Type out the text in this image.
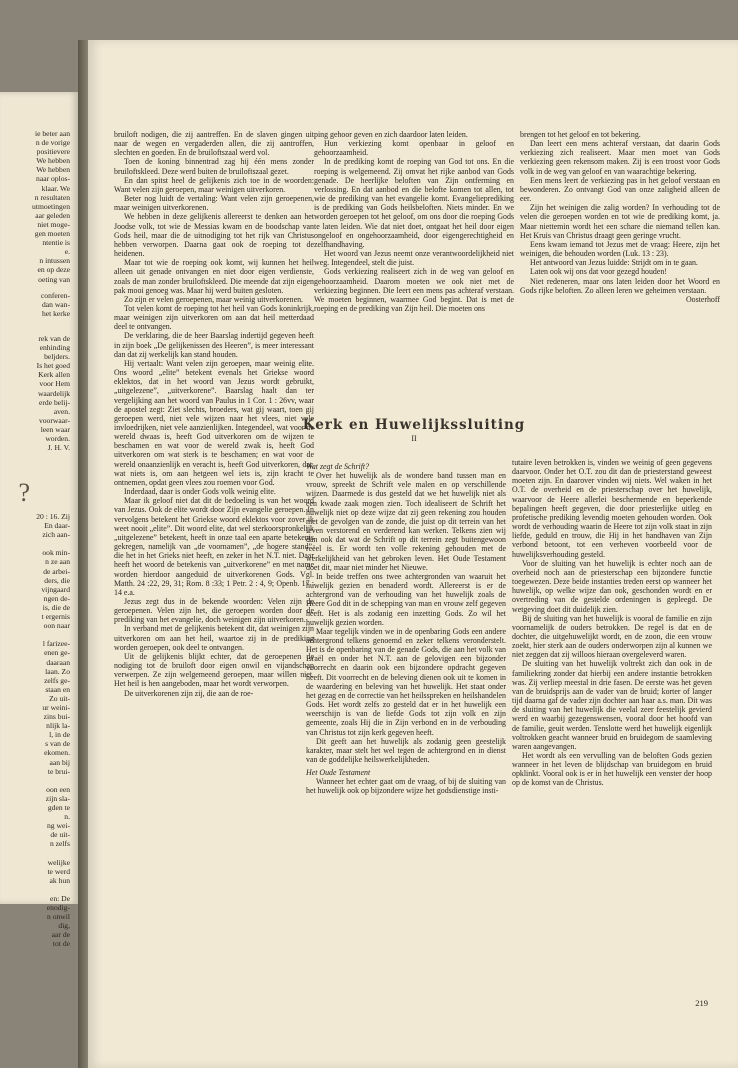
ie beter aan
n de vorige
positievere
We hebben
We hebben
naar oplos-
klaar. We
n resultaten
utmoetingen
aar geleden
niet moge-
gen moeten
ntentie is
e.
n intussen
en op deze
oeting van
conferen-
dan wan-
het kerke
rek van de
enhinding
beljders.
Is het goed
Kerk allen
voor Hem
waardelijk
erde belij-
aven.
voorwaar-
leen waar
worden.
J. H. V.
?
20 : 16. Zij
En daar-
zich aan-

ook min-
n ze aan
de arbei-
ders, die
vijngaard
ngen de-
is, die de
t ergernis
oon naar

l farizee-
enen ge-
daaraan
laan. Zo
zelfs ge-
staan en
Zo uit-
ur weini-
zins bui-
nlijk la-
l, in de
s van de
ekomen.
aan bij
te brui-

oon een
zijn sla-
gden te
n.
ng wei-
de uit-
n zelfs

welijke
te werd
ak hun

en: De
enodig-
n onwil
dig,
aar de
tot de

bruiloft nodigen, die zij aantreffen. En de slaven gingen uit naar de wegen en vergaderden allen, die zij aantroffen, slechten en goeden. En de bruiloftszaal werd vol.

Toen de koning binnentrad zag hij één mens zonder bruiloftskleed. Deze werd buiten de bruiloftszaal gezet.

En dan spitst heel de gelijkenis zich toe in de woorden: Want velen zijn geroepen, maar weinigen uitverkoren.

Beter nog luidt de vertaling: Want velen zijn geroepenen, maar weinigen uitverkorenen.

We hebben in deze gelijkenis allereerst te denken aan het Joodse volk, tot wie de Messias kwam en de boodschap van Gods heil, maar die de uitnodiging tot het rijk van Christus hebben verworpen. Daarna gaat ook de roeping tot de heidenen.

Maar tot wie de roeping ook komt, wij kunnen het heil alleen uit genade ontvangen en niet door eigen verdienste, zoals de man zonder bruiloftskleed. Die meende dat zijn eigen pak mooi genoeg was. Maar hij werd buiten gesloten.

Zo zijn er velen geroepenen, maar weinig uitverkorenen.

Tot velen komt de roeping tot het heil van Gods koninkrijk, maar weinigen zijn uitverkoren om aan dat heil metterdaad deel te ontvangen.

De verklaring, die de heer Baarslag indertijd gegeven heeft in zijn boek „De gelijkenissen des Heeren”, is meer interessant dan dat zij werkelijk kan stand houden.

Hij vertaalt: Want velen zijn geroepen, maar weinig elite. Ons woord „elite” betekent evenals het Griekse woord eklektos, dat in het woord van Jezus wordt gebruikt, „uitgelezene”, „uitverkorene”. Baarslag haalt dan ter vergelijking aan het woord van Paulus in 1 Cor. 1 : 26vv, waar de apostel zegt: Ziet slechts, broeders, wat gij waart, toen gij geroepen werd, niet vele wijzen naar het vlees, niet vele invloedrijken, niet vele aanzienlijken. Integendeel, wat voor de wereld dwaas is, heeft God uitverkoren om de wijzen te beschamen en wat voor de wereld zwak is, heeft God uitverkoren om wat sterk is te beschamen; en wat voor de wereld onaanzienlijk en veracht is, heeft God uitverkoren, dat, wat niets is, om aan hetgeen wel iets is, zijn kracht te ontnemen, opdat geen vlees zou roemen voor God.

Inderdaad, daar is onder Gods volk weinig elite.

Maar ik geloof niet dat dit de bedoeling is van het woord van Jezus. Ook de elite wordt door Zijn evangelie geroepen. In vervolgens betekent het Griekse woord eklektos voor zover ik weet nooit „elite”. Dit woord elite, dat wel sterkoorspronkelijk „uitgelezene” betekent, heeft in onze taal een aparte betekenis gekregen, namelijk van „de voornamen”, „de hogere stand”, die het in het Grieks niet heeft, en zeker in het N.T. niet. Daar heeft het woord de betekenis van „uitverkorene” en met name worden hierdoor aangeduid de uitverkorenen Gods. Vgl. Matth. 24 :22, 29, 31; Rom. 8 :33; 1 Petr. 2 : 4, 9; Openb. 17 : 14 e.a.

Jezus zegt dus in de bekende woorden: Velen zijn de geroepenen. Velen zijn het, die geroepen worden door de prediking van het evangelie, doch weinigen zijn uitverkoren.

In verband met de gelijkenis betekent dit, dat weinigen zijn uitverkoren om aan het heil, waartoe zij in de prediking worden geroepen, ook deel te ontvangen.

Uit de gelijkenis blijkt echter, dat de geroepenen de nodiging tot de bruiloft door eigen onwil en vijandschap verwerpen. Ze zijn welgemeend geroepen, maar willen niet. Het heil is hen aangeboden, maar het wordt verworpen.

De uitverkorenen zijn zij, die aan de roe-

ping gehoor geven en zich daardoor laten leiden.

Hun verkiezing komt openbaar in geloof en gehoorzaamheid.

In de prediking komt de roeping van God tot ons. En die roeping is welgemeend. Zij omvat het rijke aanbod van Gods genade. De heerlijke beloften van Zijn ontferming en verlossing. En dat aanbod en die belofte komen tot allen, tot wie de prediking van het evangelie komt. Evangelieprediking is de prediking van Gods heilsbeloften. Niets minder. En we worden geroepen tot het geloof, om ons door die roeping Gods te laten leiden. Wie dat niet doet, ontgaat het heil door eigen ongeloof en ongehoorzaamheid, door eigengerechtigheid en zelfhandhaving.

Het woord van Jezus neemt onze verantwoordelijkheid niet weg. Integendeel, stelt die juist.

Gods verkiezing realiseert zich in de weg van geloof en gehoorzaamheid. Daarom moeten we ook niet met de verkiezing beginnen. Die leert een mens pas achteraf verstaan. We moeten beginnen, waarmee God begint. Dat is met de roeping en de prediking van Zijn heil. Die moeten ons

brengen tot het geloof en tot bekering.

Dan leert een mens achteraf verstaan, dat daarin Gods verkiezing zich realiseert. Maar men moet van Gods verkiezing geen rekensom maken. Zij is een troost voor Gods volk in de weg van geloof en van waarachtige bekering.

Een mens leert de verkiezing pas in het geloof verstaan en bewonderen. Zo ontvangt God van onze zaligheid alleen de eer.

Zijn het weinigen die zalig worden? In verhouding tot de velen die geroepen worden en tot wie de prediking komt, ja. Maar niettemin wordt het een schare die niemand tellen kan. Het Kruis van Christus draagt geen geringe vrucht.

Eens kwam iemand tot Jezus met de vraag: Heere, zijn het weinigen, die behouden worden (Luk. 13 : 23).

Het antwoord van Jezus luidde: Strijdt om in te gaan.

Laten ook wij ons dat voor gezegd houden!

Niet redeneren, maar ons laten leiden door het Woord en Gods rijke beloften. Zo alleen leren we geheimen verstaan.

Oosterhoff

Kerk en Huwelijkssluiting
II

Wat zegt de Schrift?

Over het huwelijk als de wondere band tussen man en vrouw, spreekt de Schrift vele malen en op verschillende wijzen. Daarmede is dus gesteld dat we het huwelijk niet als een kwade zaak mogen zien. Toch idealiseert de Schrift het huwelijk niet op deze wijze dat zij geen rekening zou houden met de gevolgen van de zonde, die juist op dit terrein van het leven verstorend en verderend kan werken. Telkens zien wij dan ook dat wat de Schrift op dit terrein zegt buitengewoon reëel is. Er wordt ten volle rekening gehouden met de werkelijkheid van het gebroken leven. Het Oude Testament doet dit, maar niet minder het Nieuwe.

In beide treffen ons twee achtergronden van waaruit het huwelijk gezien en benaderd wordt. Allereerst is er de achtergrond van de verhouding van het huwelijk zoals de Heere God dit in de schepping van man en vrouw zelf gegeven heeft. Het is als zodanig een inzetting Gods. Zo wil het huwelijk gezien worden.

Maar tegelijk vinden we in de openbaring Gods een andere achtergrond telkens genoemd en zeker telkens veronderstelt. Het is de openbaring van de genade Gods, die aan het volk van Israël en onder het N.T. aan de gelovigen een bijzonder voorrecht en daarin ook een bijzondere opdracht gegeven heeft. Dit voorrecht en de beleving dienen ook uit te komen in de waardering en beleving van het huwelijk. Het staat onder het gezag en de correctie van het heilsspreken en heilshandelen Gods. Het wordt zelfs zo gesteld dat er in het huwelijk een weerschijn is van de liefde Gods tot zijn volk en zijn gemeente, zoals Hij die in Zijn verbond en in de verbouding van Christus tot zijn kerk gegeven heeft.

Dit geeft aan het huwelijk als zodanig geen geestelijk karakter, maar stelt het wel tegen de achtergrond en in dienst van de goddelijke heilswerkelijkheden.

Het Oude Testament

Wanneer het echter gaat om de vraag, of bij de sluiting van het huwelijk ook op bijzondere wijze het godsdienstige insti-

tutaire leven betrokken is, vinden we weinig of geen gegevens daarvoor. Onder het O.T. zou dit dan de priesterstand geweest moeten zijn. En daarover vinden wij niets. Wel waken in het O.T. de overheid en de priesterschap over het huwelijk, waarvoor de Heere allerlei beschermende en beperkende bepalingen heeft gegeven, die door priesterlijke uitleg en profetische prediking levendig moeten gehouden worden. Ook wordt de verhouding waarin de Heere tot zijn volk staat in zijn liefde, geduld en trouw, die Hij in het handhaven van Zijn verbond betoont, tot een verheven voorbeeld voor de huwelijksverhouding gesteld.

Voor de sluiting van het huwelijk is echter noch aan de overheid noch aan de priesterschap een bijzondere functie toegewezen. Deze beide instanties treden eerst op wanneer het huwelijk, op welke wijze dan ook, geschonden wordt en er overtreding van de gestelde ordeningen is gepleegd. De wetgeving doet dit duidelijk zien.

Bij de sluiting van het huwelijk is vooral de familie en zijn voornamelijk de ouders betrokken. De regel is dat en de dochter, die uitgehuwelijkt wordt, en de zoon, die een vrouw zoekt, hier sterk aan de ouders onderworpen zijn al kunnen we niet zeggen dat zij willoos hieraan overgeleverd waren.

De sluiting van het huwelijk voltrekt zich dan ook in de familiekring zonder dat hierbij een andere instantie betrokken was. Zij verliep meestal in drie fasen. De eerste was het geven van de bruidsprijs aan de vader van de bruid; korter of langer tijd daarna gaf de vader zijn dochter aan haar a.s. man. Dit was de sluiting van het huwelijk die veelal zeer feestelijk gevierd werd en waarbij gezegenswensen, vooral door het hoofd van de familie, geuit werden. Tenslotte werd het huwelijk eigenlijk voltrokken geacht wanneer bruid en bruidegom de saamleving waren aangevangen.

Het wordt als een vervulling van de beloften Gods gezien wanneer in het leven de blijdschap van bruidegom en bruid opklinkt. Vooral ook is er in het huwelijk een venster der hoop op de komst van de Christus.

219
